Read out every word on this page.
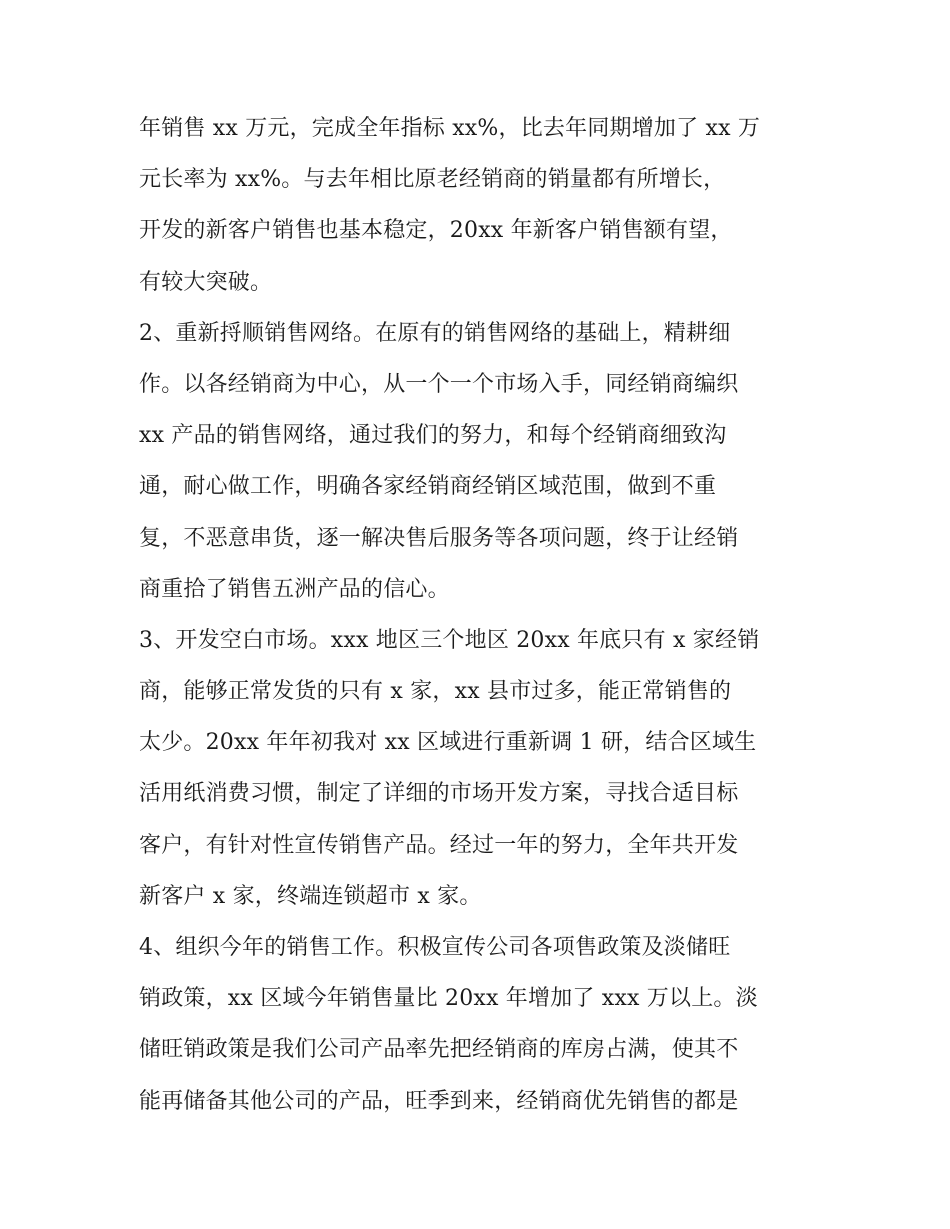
年销售 xx 万元，完成全年指标 xx%，比去年同期增加了 xx 万
元长率为 xx%。与去年相比原老经销商的销量都有所增长，
开发的新客户销售也基本稳定，20xx 年新客户销售额有望，
有较大突破。
2、重新捋顺销售网络。在原有的销售网络的基础上，精耕细
作。以各经销商为中心，从一个一个市场入手，同经销商编织
xx 产品的销售网络，通过我们的努力，和每个经销商细致沟
通，耐心做工作，明确各家经销商经销区域范围，做到不重
复，不恶意串货，逐一解决售后服务等各项问题，终于让经销
商重拾了销售五洲产品的信心。
3、开发空白市场。xxx 地区三个地区 20xx 年底只有 x 家经销
商，能够正常发货的只有 x 家，xx 县市过多，能正常销售的
太少。20xx 年年初我对 xx 区域进行重新调 1 研，结合区域生
活用纸消费习惯，制定了详细的市场开发方案，寻找合适目标
客户，有针对性宣传销售产品。经过一年的努力，全年共开发
新客户 x 家，终端连锁超市 x 家。
4、组织今年的销售工作。积极宣传公司各项售政策及淡储旺
销政策，xx 区域今年销售量比 20xx 年增加了 xxx 万以上。淡
储旺销政策是我们公司产品率先把经销商的库房占满，使其不
能再储备其他公司的产品，旺季到来，经销商优先销售的都是
